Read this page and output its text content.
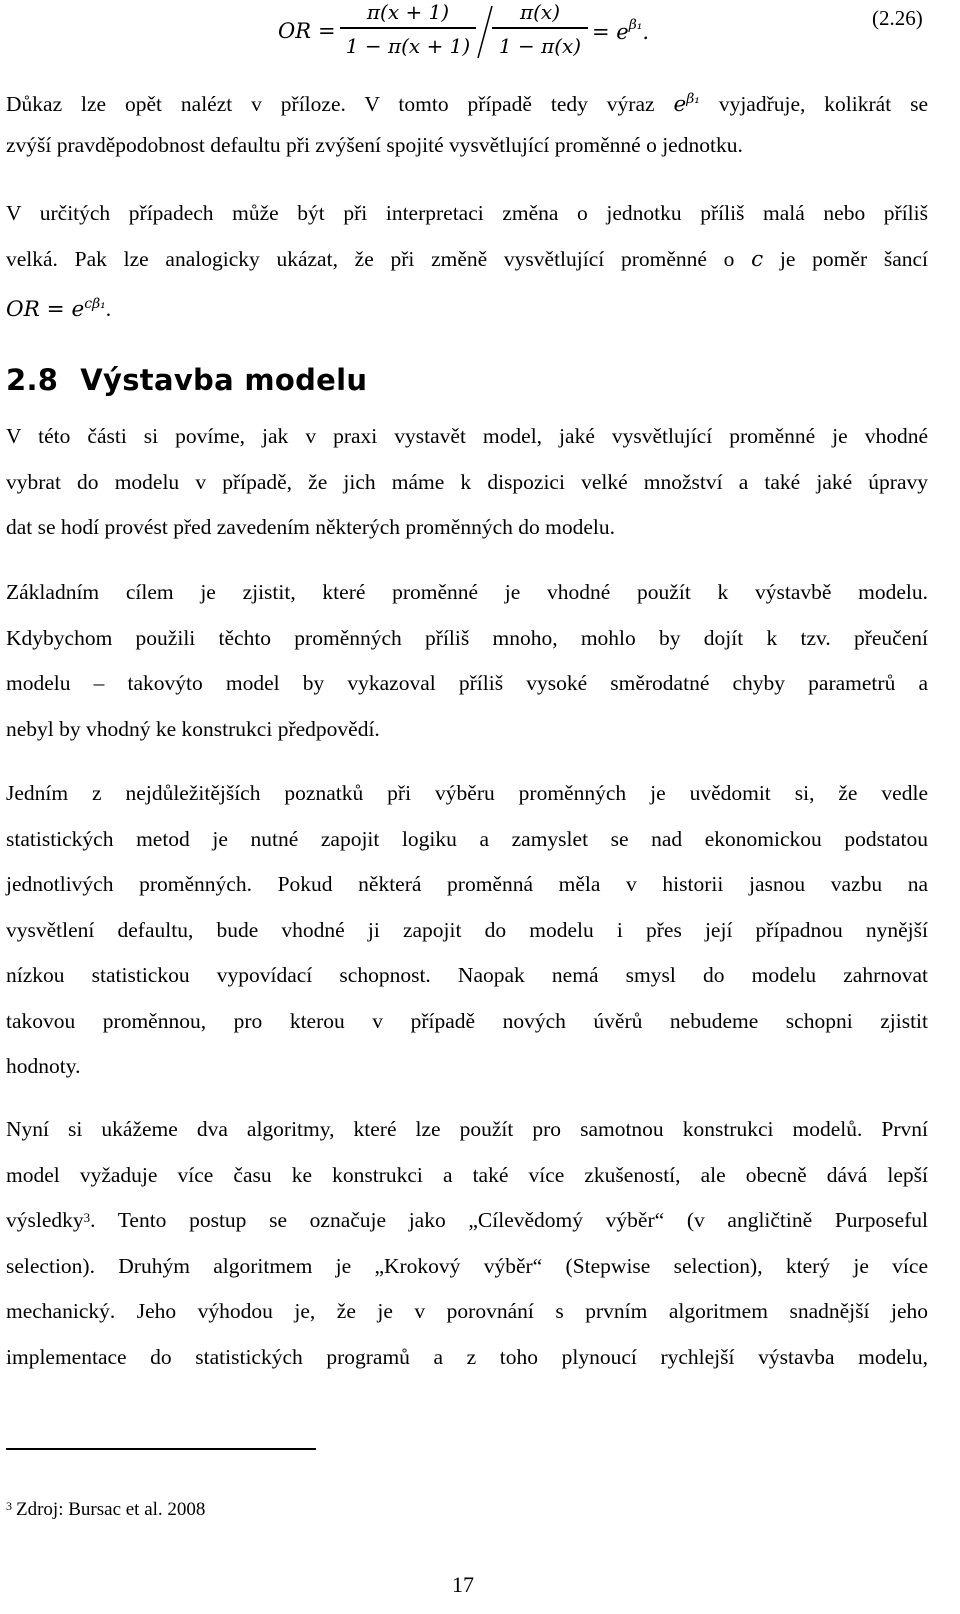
OR =
π(x + 1)
1 − π(x + 1)
π(x)
1 − π(x)
= $e^{\beta_1}$.
(2.26)
Důkaz lze opět nalézt v příloze. V tomto případě tedy výraz $e^{\beta_1}$ vyjadřuje, kolikrát se
zvýší pravděpodobnost defaultu při zvýšení spojité vysvětlující proměnné o jednotku.
V určitých případech může být při interpretaci změna o jednotku příliš malá nebo příliš
velká. Pak lze analogicky ukázat, že při změně vysvětlující proměnné o c je poměr šancí
OR = $e^{c\beta_1}$.
2.8 Výstavba modelu
V této části si povíme, jak v praxi vystavět model, jaké vysvětlující proměnné je vhodné
vybrat do modelu v případě, že jich máme k dispozici velké množství a také jaké úpravy
dat se hodí provést před zavedením některých proměnných do modelu.
Základním cílem je zjistit, které proměnné je vhodné použít k výstavbě modelu.
Kdybychom použili těchto proměnných příliš mnoho, mohlo by dojít k tzv. přeučení
modelu – takovýto model by vykazoval příliš vysoké směrodatné chyby parametrů a
nebyl by vhodný ke konstrukci předpovědí.
Jedním z nejdůležitějších poznatků při výběru proměnných je uvědomit si, že vedle
statistických metod je nutné zapojit logiku a zamyslet se nad ekonomickou podstatou
jednotlivých proměnných. Pokud některá proměnná měla v historii jasnou vazbu na
vysvětlení defaultu, bude vhodné ji zapojit do modelu i přes její případnou nynější
nízkou statistickou vypovídací schopnost. Naopak nemá smysl do modelu zahrnovat
takovou proměnnou, pro kterou v případě nových úvěrů nebudeme schopni zjistit
hodnoty.
Nyní si ukážeme dva algoritmy, které lze použít pro samotnou konstrukci modelů. První
model vyžaduje více času ke konstrukci a také více zkušeností, ale obecně dává lepší
výsledky$^3$. Tento postup se označuje jako „Cílevědomý výběr“ (v angličtině Purposeful
selection). Druhým algoritmem je „Krokový výběr“ (Stepwise selection), který je více
mechanický. Jeho výhodou je, že je v porovnání s prvním algoritmem snadnější jeho
implementace do statistických programů a z toho plynoucí rychlejší výstavba modelu,
$^3$ Zdroj: Bursac et al. 2008
17
